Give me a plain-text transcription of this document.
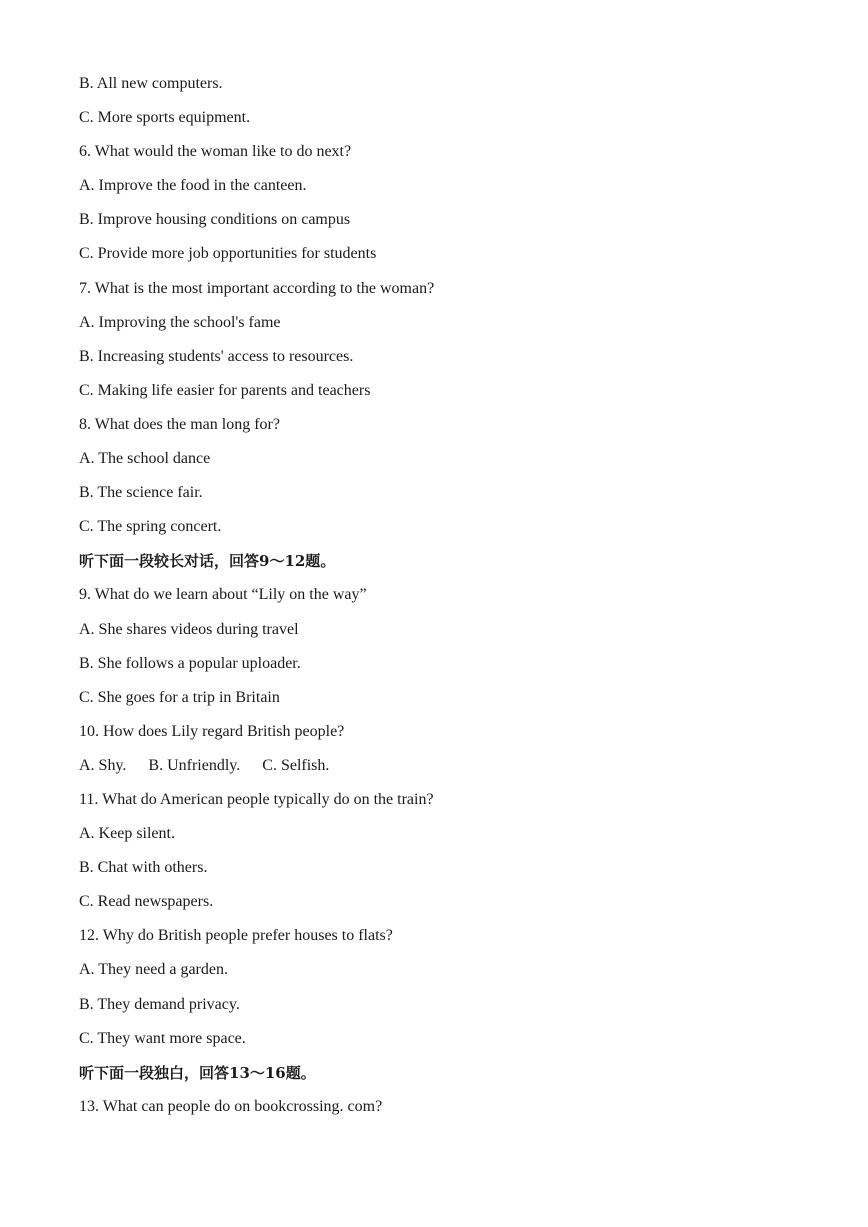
B. All new computers.
C. More sports equipment.
6. What would the woman like to do next?
A. Improve the food in the canteen.
B. Improve housing conditions on campus
C. Provide more job opportunities for students
7. What is the most important according to the woman?
A. Improving the school's fame
B. Increasing students' access to resources.
C. Making life easier for parents and teachers
8. What does the man long for?
A. The school dance
B. The science fair.
C. The spring concert.
听下面一段较长对话，回答9～12题。
9. What do we learn about “Lily on the way”
A. She shares videos during travel
B. She follows a popular uploader.
C. She goes for a trip in Britain
10. How does Lily regard British people?
A. Shy. B. Unfriendly. C. Selfish.
11. What do American people typically do on the train?
A. Keep silent.
B. Chat with others.
C. Read newspapers.
12. Why do British people prefer houses to flats?
A. They need a garden.
B. They demand privacy.
C. They want more space.
听下面一段独白，回答13～16题。
13. What can people do on bookcrossing. com?
